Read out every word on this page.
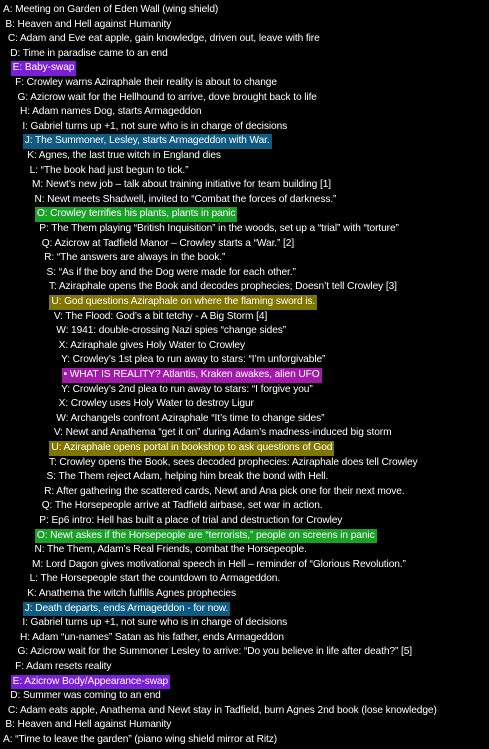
A: Meeting on Garden of Eden Wall (wing shield)
B: Heaven and Hell against Humanity
C: Adam and Eve eat apple, gain knowledge, driven out, leave with fire
D: Time in paradise came to an end
E: Baby-swap
F: Crowley warns Aziraphale their reality is about to change
G: Azicrow wait for the Hellhound to arrive, dove brought back to life
H: Adam names Dog, starts Armageddon
I: Gabriel turns up +1, not sure who is in charge of decisions
J: The Summoner, Lesley, starts Armageddon with War.
K: Agnes, the last true witch in England dies
L: “The book had just begun to tick.”
M: Newt’s new job – talk about training initiative for team building [1]
N: Newt meets Shadwell, invited to “Combat the forces of darkness.”
O: Crowley terrifies his plants, plants in panic
P: The Them playing “British Inquisition” in the woods, set up a “trial” with “torture”
Q: Azicrow at Tadfield Manor – Crowley starts a “War.” [2]
R: “The answers are always in the book.”
S: “As if the boy and the Dog were made for each other.”
T: Aziraphale opens the Book and decodes prophecies; Doesn’t tell Crowley [3]
U: God questions Aziraphale on where the flaming sword is.
V: The Flood: God’s a bit tetchy - A Big Storm [4]
W: 1941: double-crossing Nazi spies “change sides”
X: Aziraphale gives Holy Water to Crowley
Y: Crowley’s 1st plea to run away to stars: “I’m unforgivable”
• WHAT IS REALITY? Atlantis, Kraken awakes, alien UFO
Y: Crowley’s 2nd plea to run away to stars: “I forgive you”
X: Crowley uses Holy Water to destroy Ligur
W: Archangels confront Aziraphale “It’s time to change sides”
V: Newt and Anathema “get it on” during Adam’s madness-induced big storm
U: Aziraphale opens portal in bookshop to ask questions of God
T: Crowley opens the Book, sees decoded prophecies: Aziraphale does tell Crowley
S: The Them reject Adam, helping him break the bond with Hell.
R: After gathering the scattered cards, Newt and Ana pick one for their next move.
Q: The Horsepeople arrive at Tadfield airbase, set war in action.
P: Ep6 intro: Hell has built a place of trial and destruction for Crowley
O: Newt askes if the Horsepeople are “terrorists,” people on screens in panic
N: The Them, Adam’s Real Friends, combat the Horsepeople.
M: Lord Dagon gives motivational speech in Hell – reminder of “Glorious Revolution.”
L: The Horsepeople start the countdown to Armageddon.
K: Anathema the witch fulfills Agnes prophecies
J: Death departs, ends Armageddon - for now.
I: Gabriel turns up +1, not sure who is in charge of decisions
H: Adam “un-names” Satan as his father, ends Armageddon
G: Azicrow wait for the Summoner Lesley to arrive: “Do you believe in life after death?” [5]
F: Adam resets reality
E: Azicrow Body/Appearance-swap
D: Summer was coming to an end
C: Adam eats apple, Anathema and Newt stay in Tadfield, burn Agnes 2nd book (lose knowledge)
B: Heaven and Hell against Humanity
A: “Time to leave the garden” (piano wing shield mirror at Ritz)
